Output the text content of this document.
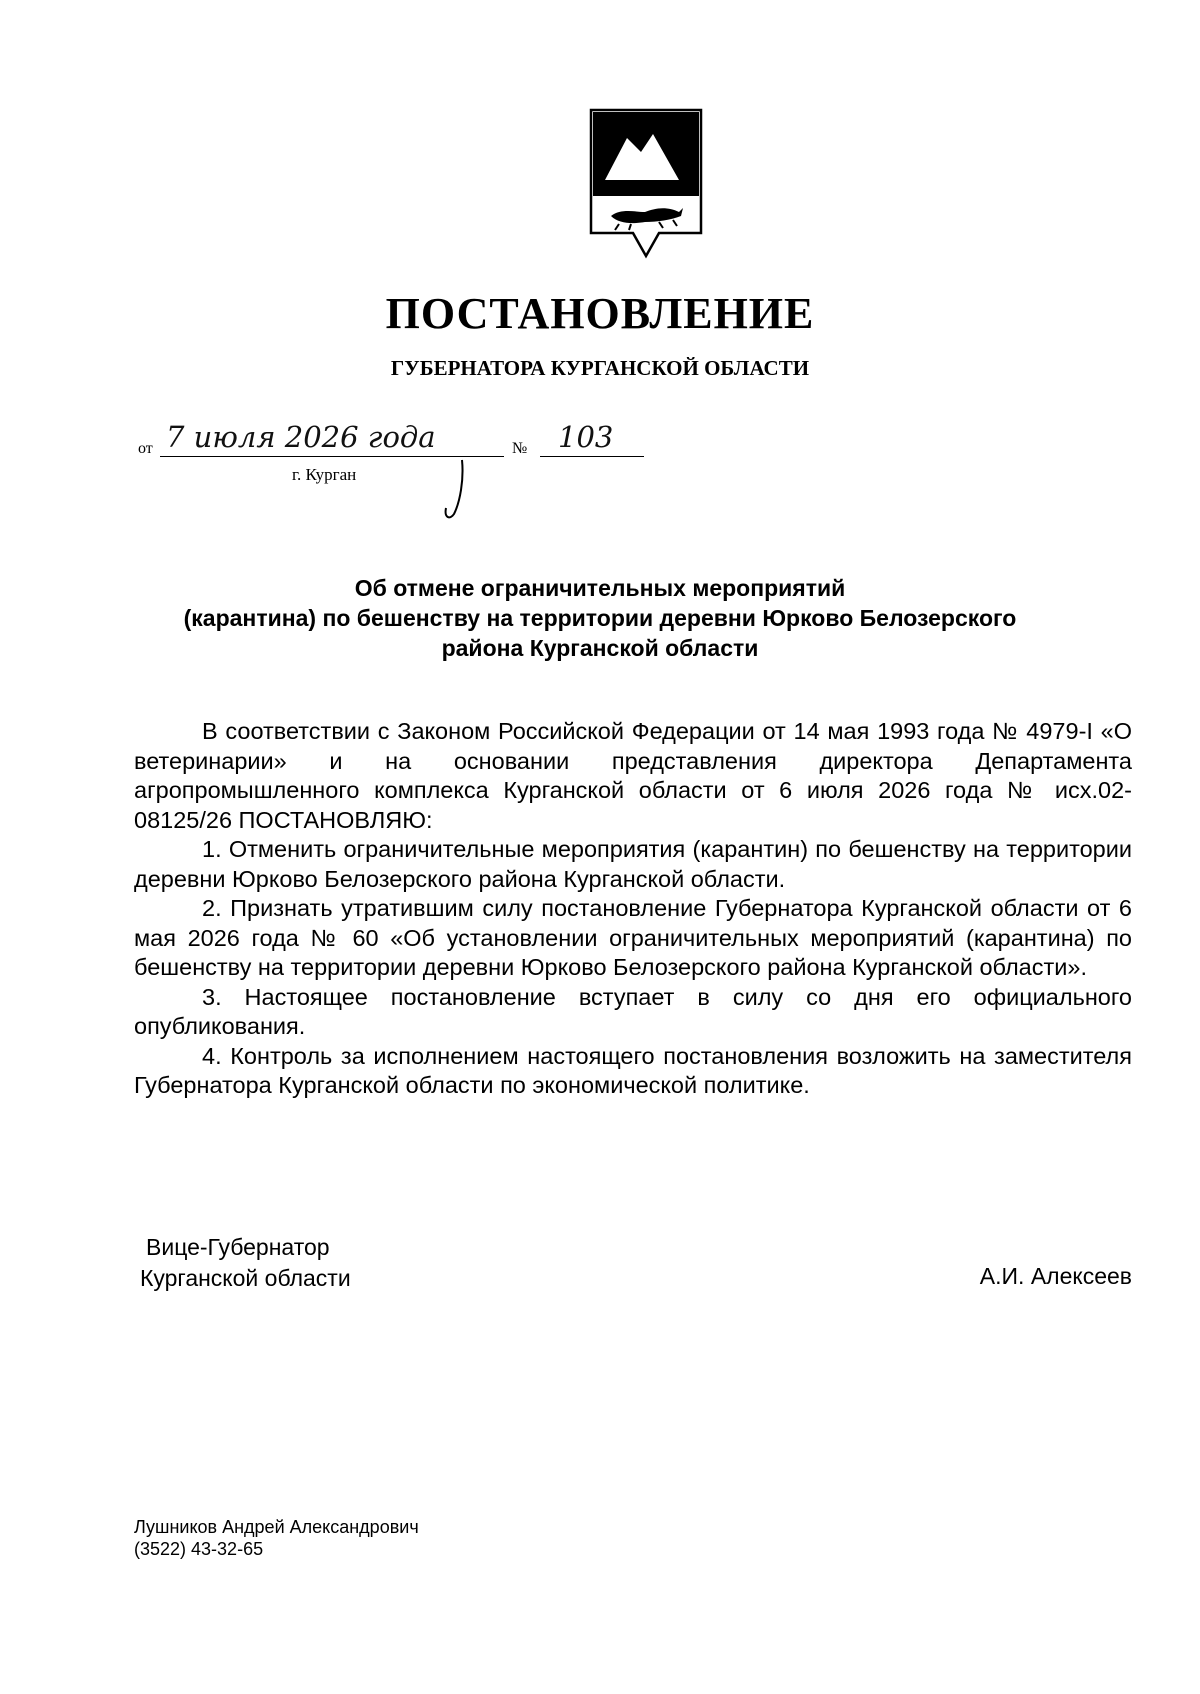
ПОСТАНОВЛЕНИЕ
ГУБЕРНАТОРА КУРГАНСКОЙ ОБЛАСТИ
от 7 июля 2026 года	№ 103
г. Курган
Об отмене ограничительных мероприятий
(карантина) по бешенству на территории деревни Юрково Белозерского
района Курганской области

В соответствии с Законом Российской Федерации от 14 мая 1993 года № 4979-I «О ветеринарии» и на основании представления директора Департамента агропромышленного комплекса Курганской области от 6 июля 2026 года № исх.02-08125/26 ПОСТАНОВЛЯЮ:

1. Отменить ограничительные мероприятия (карантин) по бешенству на территории деревни Юрково Белозерского района Курганской области.

2. Признать утратившим силу постановление Губернатора Курганской области от 6 мая 2026 года № 60 «Об установлении ограничительных мероприятий (карантина) по бешенству на территории деревни Юрково Белозерского района Курганской области».

3. Настоящее постановление вступает в силу со дня его официального опубликования.

4. Контроль за исполнением настоящего постановления возложить на заместителя Губернатора Курганской области по экономической политике.

Вице-Губернатор
Курганской области	А.И. Алексеев
Лушников Андрей Александрович
(3522) 43-32-65
